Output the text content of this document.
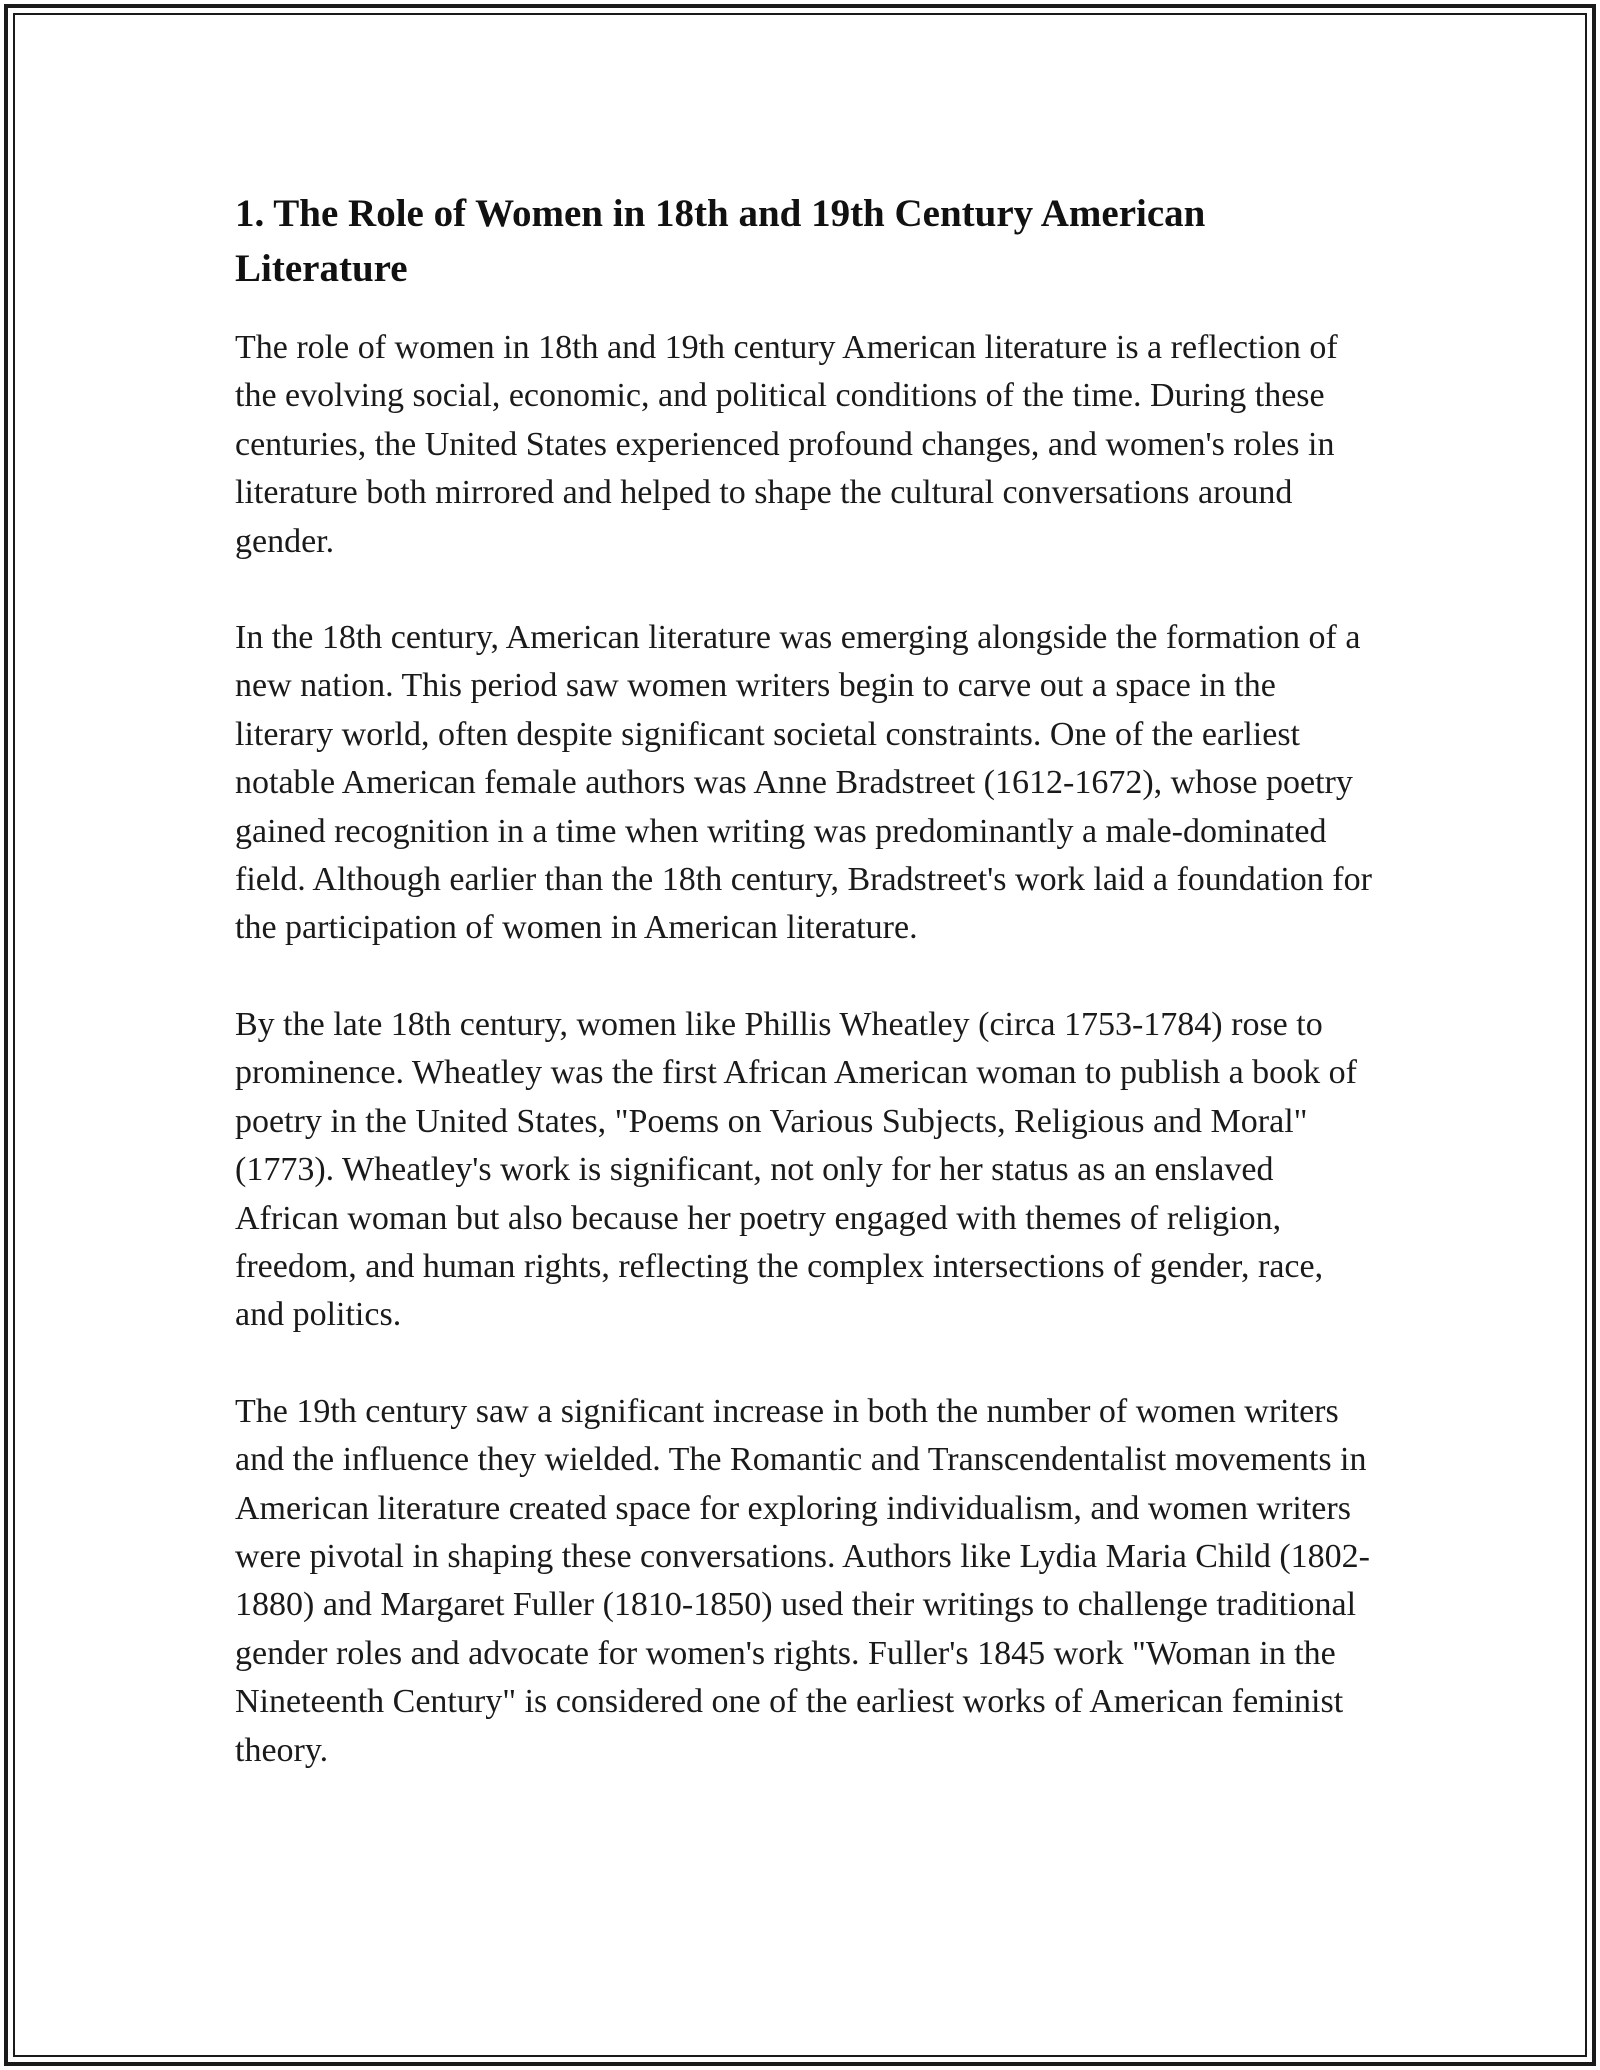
1. The Role of Women in 18th and 19th Century American Literature

The role of women in 18th and 19th century American literature is a reflection of the evolving social, economic, and political conditions of the time. During these centuries, the United States experienced profound changes, and women's roles in literature both mirrored and helped to shape the cultural conversations around gender.

In the 18th century, American literature was emerging alongside the formation of a new nation. This period saw women writers begin to carve out a space in the literary world, often despite significant societal constraints. One of the earliest notable American female authors was Anne Bradstreet (1612-1672), whose poetry gained recognition in a time when writing was predominantly a male-dominated field. Although earlier than the 18th century, Bradstreet's work laid a foundation for the participation of women in American literature.

By the late 18th century, women like Phillis Wheatley (circa 1753-1784) rose to prominence. Wheatley was the first African American woman to publish a book of poetry in the United States, "Poems on Various Subjects, Religious and Moral" (1773). Wheatley's work is significant, not only for her status as an enslaved African woman but also because her poetry engaged with themes of religion, freedom, and human rights, reflecting the complex intersections of gender, race, and politics.

The 19th century saw a significant increase in both the number of women writers and the influence they wielded. The Romantic and Transcendentalist movements in American literature created space for exploring individualism, and women writers were pivotal in shaping these conversations. Authors like Lydia Maria Child (1802-1880) and Margaret Fuller (1810-1850) used their writings to challenge traditional gender roles and advocate for women's rights. Fuller's 1845 work "Woman in the Nineteenth Century" is considered one of the earliest works of American feminist theory.
